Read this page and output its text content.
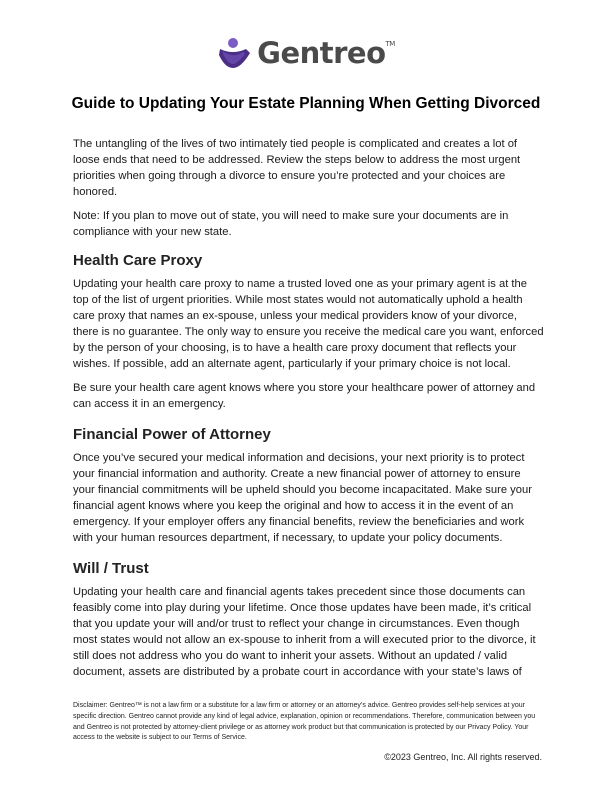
Gentreo™
Guide to Updating Your Estate Planning When Getting Divorced

The untangling of the lives of two intimately tied people is complicated and creates a lot of loose ends that need to be addressed. Review the steps below to address the most urgent priorities when going through a divorce to ensure you’re protected and your choices are honored.

Note: If you plan to move out of state, you will need to make sure your documents are in compliance with your new state.

Health Care Proxy

Updating your health care proxy to name a trusted loved one as your primary agent is at the top of the list of urgent priorities. While most states would not automatically uphold a health care proxy that names an ex-spouse, unless your medical providers know of your divorce, there is no guarantee. The only way to ensure you receive the medical care you want, enforced by the person of your choosing, is to have a health care proxy document that reflects your wishes. If possible, add an alternate agent, particularly if your primary choice is not local.

Be sure your health care agent knows where you store your healthcare power of attorney and can access it in an emergency.

Financial Power of Attorney

Once you’ve secured your medical information and decisions, your next priority is to protect your financial information and authority. Create a new financial power of attorney to ensure your financial commitments will be upheld should you become incapacitated. Make sure your financial agent knows where you keep the original and how to access it in the event of an emergency. If your employer offers any financial benefits, review the beneficiaries and work with your human resources department, if necessary, to update your policy documents.

Will / Trust

Updating your health care and financial agents takes precedent since those documents can feasibly come into play during your lifetime. Once those updates have been made, it’s critical that you update your will and/or trust to reflect your change in circumstances. Even though most states would not allow an ex-spouse to inherit from a will executed prior to the divorce, it still does not address who you do want to inherit your assets. Without an updated / valid document, assets are distributed by a probate court in accordance with your state’s laws of

Disclaimer: Gentreo™ is not a law firm or a substitute for a law firm or attorney or an attorney’s advice. Gentreo provides self-help services at your specific direction. Gentreo cannot provide any kind of legal advice, explanation, opinion or recommendations. Therefore, communication between you and Gentreo is not protected by attorney-client privilege or as attorney work product but that communication is protected by our Privacy Policy. Your access to the website is subject to our Terms of Service.
©2023 Gentreo, Inc. All rights reserved.
